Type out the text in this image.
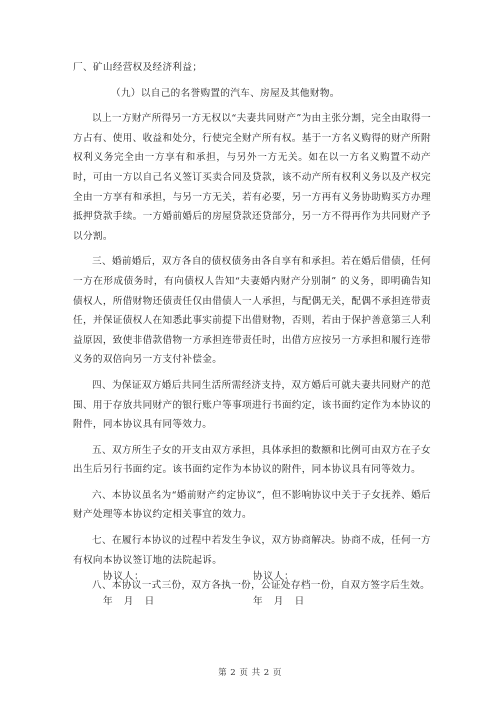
厂、矿山经营权及经济利益；

（九）以自己的名誉购置的汽车、房屋及其他财物。

以上一方财产所得另一方无权以“夫妻共同财产”为由主张分割，完全由取得一方占有、使用、收益和处分，行使完全财产所有权。基于一方名义购得的财产所附权利义务完全由一方享有和承担，与另外一方无关。如在以一方名义购置不动产时，可由一方以自己名义签订买卖合同及贷款，该不动产所有权利义务以及产权完全由一方享有和承担，与另一方无关，若有必要，另一方再有义务协助购买方办理抵押贷款手续。一方婚前婚后的房屋贷款还贷部分，另一方不得再作为共同财产予以分割。

三、婚前婚后，双方各自的债权债务由各自享有和承担。若在婚后借债，任何一方在形成债务时，有向债权人告知“夫妻婚内财产分别制” 的义务，即明确告知债权人，所借财物还债责任仅由借债人一人承担，与配偶无关，配偶不承担连带责任，并保证债权人在知悉此事实前提下出借财物，否则，若由于保护善意第三人利益原因，致使非借款借物一方承担连带责任时，出借方应按另一方承担和履行连带义务的双倍向另一方支付补偿金。

四、为保证双方婚后共同生活所需经济支持，双方婚后可就夫妻共同财产的范围、用于存放共同财产的银行账户等事项进行书面约定，该书面约定作为本协议的附件，同本协议具有同等效力。

五、双方所生子女的开支由双方承担，具体承担的数额和比例可由双方在子女出生后另行书面约定。该书面约定作为本协议的附件，同本协议具有同等效力。

六、本协议虽名为“婚前财产约定协议”，但不影响协议中关于子女抚养、婚后财产处理等本协议约定相关事宜的效力。

七、在履行本协议的过程中若发生争议，双方协商解决。协商不成，任何一方有权向本协议签订地的法院起诉。

八、本协议一式三份，双方各执一份，公证处存档一份，自双方签字后生效。

协议人：	协议人：
年　月　日	年　月　日
第 2 页 共 2 页
